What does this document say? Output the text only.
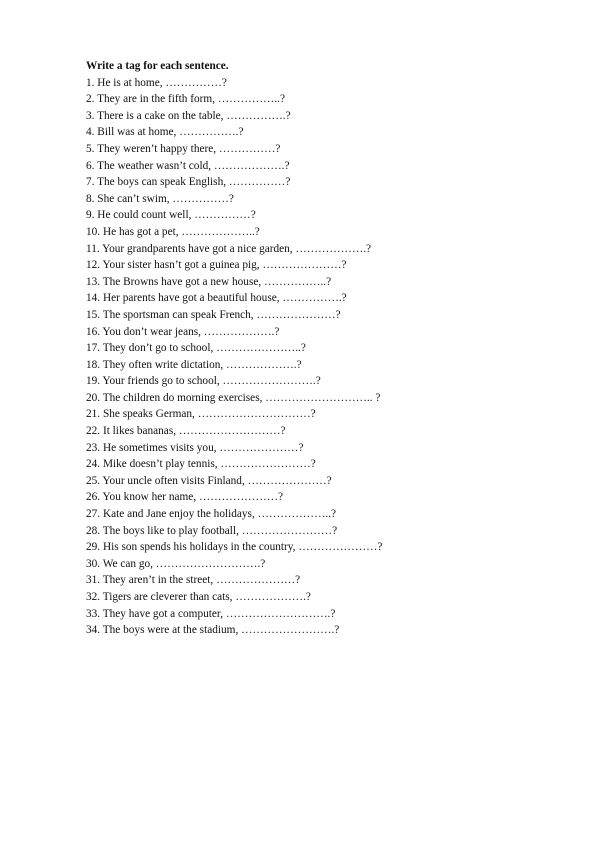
Write a tag for each sentence.

1. He is at home, ……………?
2. They are in the fifth form, ……………..?
3. There is a cake on the table, …………….?
4. Bill was at home, …………….?
5. They weren’t happy there, ……………?
6. The weather wasn’t cold, ……………….?
7. The boys can speak English, ……………?
8. She can’t swim, ……………?
9. He could count well, ……………?
10. He has got a pet, ………………..?
11. Your grandparents have got a nice garden, ……………….?
12. Your sister hasn’t got a guinea pig, …………………?
13. The Browns have got a new house, ……………..?
14. Her parents have got a beautiful house, …………….?
15. The sportsman can speak French, …………………?
16. You don’t wear jeans, ……………….?
17. They don’t go to school, …………………..?
18. They often write dictation, ……………….?
19. Your friends go to school, …………………….?
20. The children do morning exercises, ……………………….. ?
21. She speaks German, …………………………?
22. It likes bananas, ………………………?
23. He sometimes visits you, …………………?
24. Mike doesn’t play tennis, ……………………?
25. Your uncle often visits Finland, …………………?
26. You know her name, …………………?
27. Kate and Jane enjoy the holidays, ………………..?
28. The boys like to play football, ……………………?
29. His son spends his holidays in the country, …………………?
30. We can go, ……………………….?
31. They aren’t in the street, …………………?
32. Tigers are cleverer than cats, ……………….?
33. They have got a computer, ……………………….?
34. The boys were at the stadium, …………………….?
